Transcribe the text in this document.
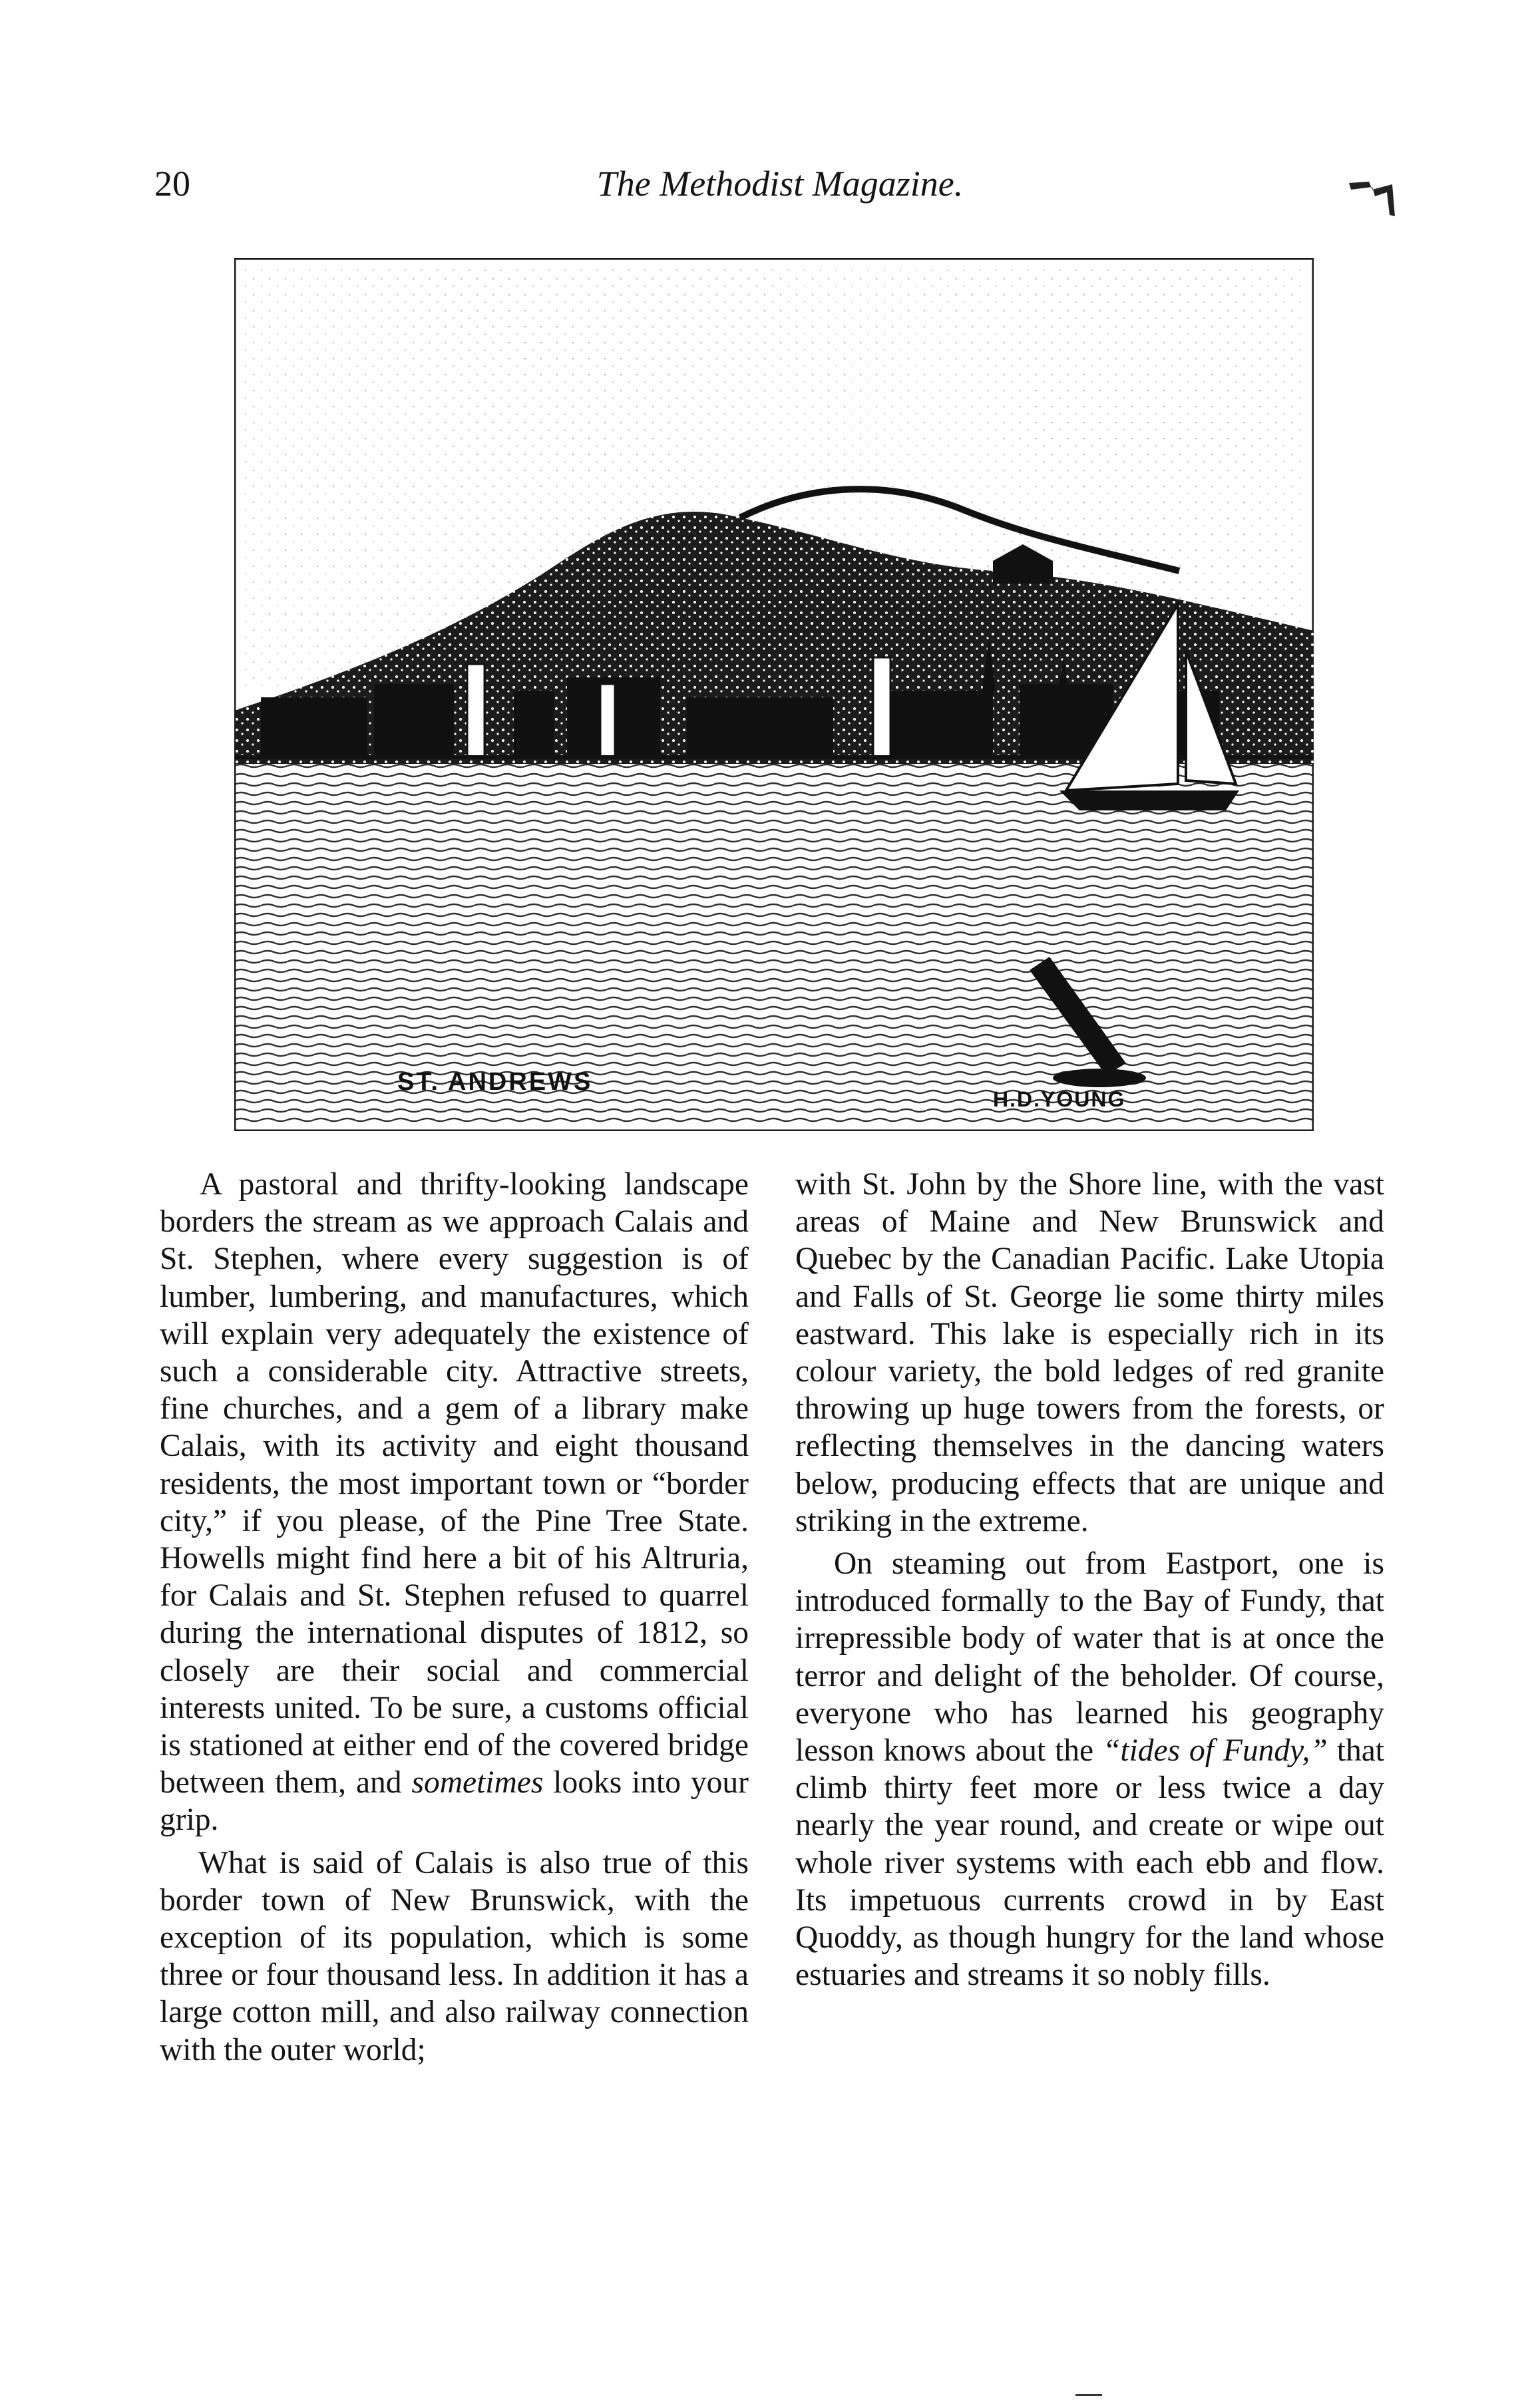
20	The Methodist Magazine.
ST. ANDREWS
H.D.YOUNG

A pastoral and thrifty-looking landscape borders the stream as we approach Calais and St. Stephen, where every suggestion is of lumber, lumbering, and manufactures, which will explain very adequately the existence of such a considerable city. Attractive streets, fine churches, and a gem of a library make Calais, with its activity and eight thousand residents, the most important town or “border city,” if you please, of the Pine Tree State. Howells might find here a bit of his Altruria, for Calais and St. Stephen refused to quarrel during the international disputes of 1812, so closely are their social and commercial interests united. To be sure, a customs official is stationed at either end of the covered bridge between them, and sometimes looks into your grip.

What is said of Calais is also true of this border town of New Brunswick, with the exception of its population, which is some three or four thousand less. In addition it has a large cotton mill, and also railway connection with the outer world;

with St. John by the Shore line, with the vast areas of Maine and New Brunswick and Quebec by the Canadian Pacific. Lake Utopia and Falls of St. George lie some thirty miles eastward. This lake is especially rich in its colour variety, the bold ledges of red granite throwing up huge towers from the forests, or reflecting themselves in the dancing waters below, producing effects that are unique and striking in the extreme.

On steaming out from Eastport, one is introduced formally to the Bay of Fundy, that irrepressible body of water that is at once the terror and delight of the beholder. Of course, everyone who has learned his geography lesson knows about the “tides of Fundy,” that climb thirty feet more or less twice a day nearly the year round, and create or wipe out whole river systems with each ebb and flow. Its impetuous currents crowd in by East Quoddy, as though hungry for the land whose estuaries and streams it so nobly fills.
